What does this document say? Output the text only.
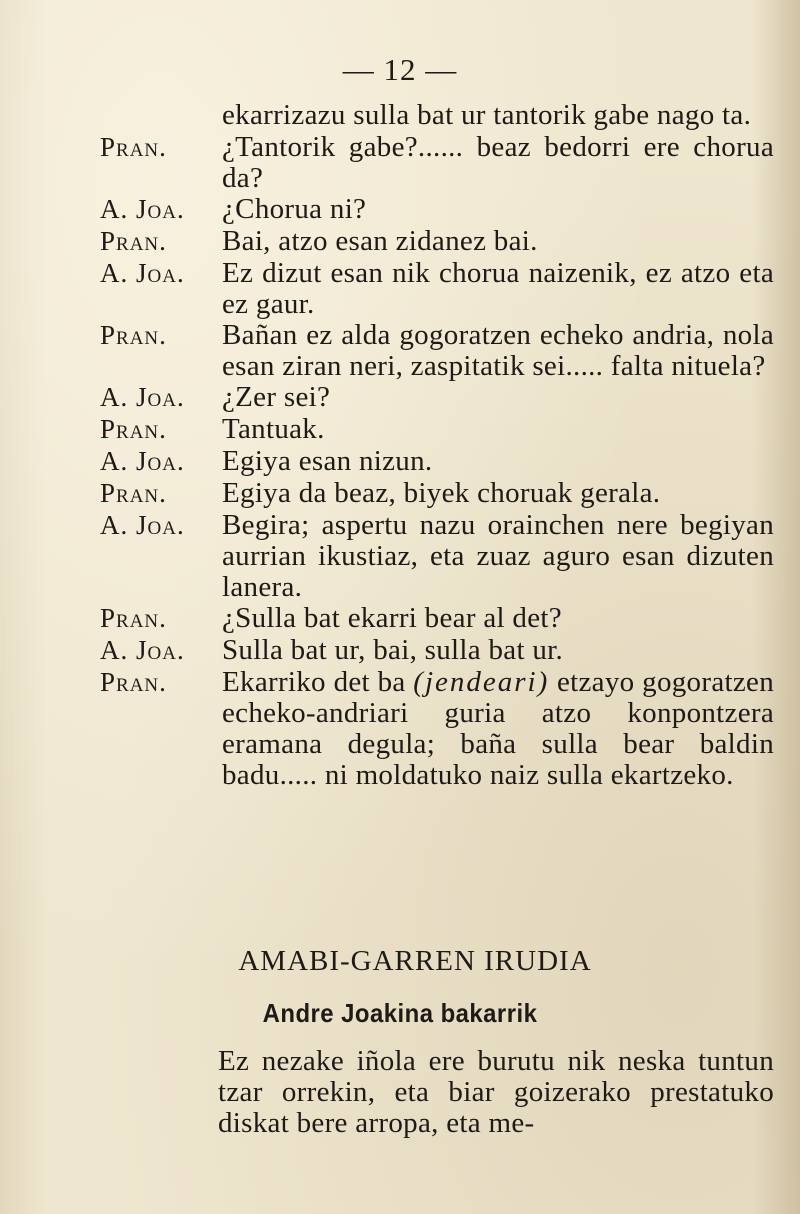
— 12 —
ekarrizazu sulla bat ur tantorik gabe nago ta.
Pran. ¿Tantorik gabe?...... beaz bedorri ere chorua da?
A. Joa. ¿Chorua ni?
Pran. Bai, atzo esan zidanez bai.
A. Joa. Ez dizut esan nik chorua naizenik, ez atzo eta ez gaur.
Pran. Bañan ez alda gogoratzen echeko andria, nola esan ziran neri, zaspitatik sei..... falta nituela?
A. Joa. ¿Zer sei?
Pran. Tantuak.
A. Joa. Egiya esan nizun.
Pran. Egiya da beaz, biyek choruak gerala.
A. Joa. Begira; aspertu nazu orainchen nere begiyan aurrian ikustiaz, eta zuaz aguro esan dizuten lanera.
Pran. ¿Sulla bat ekarri bear al det?
A. Joa. Sulla bat ur, bai, sulla bat ur.
Pran. Ekarriko det ba (jendeari) etzayo gogoratzen echeko-andriari guria atzo konpontzera eramana degula; baña sulla bear baldin badu..... ni moldatuko naiz sulla ekartzeko.
AMABI-GARREN IRUDIA
Andre Joakina bakarrik
Ez nezake iñola ere burutu nik neska tuntun tzar orrekin, eta biar goizerako prestatuko diskat bere arropa, eta me-
